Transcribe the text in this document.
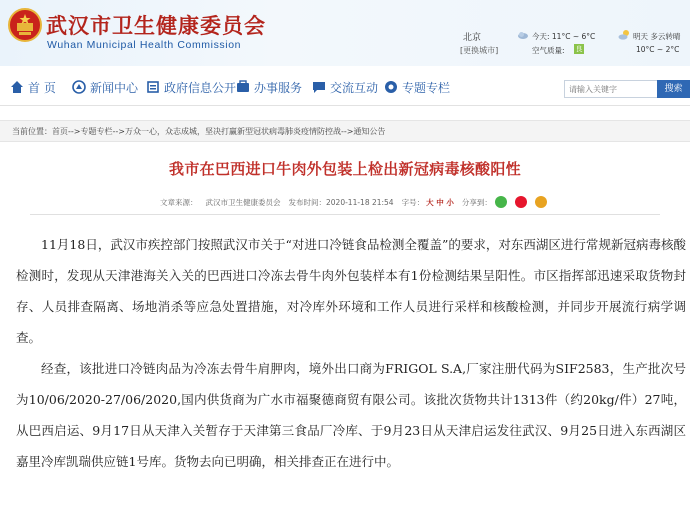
武汉市卫生健康委员会
Wuhan Municipal Health Commission
北京
[更换城市]
今天: 11°C ~ 6°C
空气质量: 良
明天 多云转晴
10°C ~ 2°C
首 页	新闻中心 政府信息公开 办事服务 交流互动 专题专栏
请输入关键字	搜索
当前位置：首页-->专题专栏-->万众一心，众志成城，坚决打赢新型冠状病毒肺炎疫情防控战-->通知公告
我市在巴西进口牛肉外包装上检出新冠病毒核酸阳性
文章来源： 武汉市卫生健康委员会 发布时间：2020-11-18 21:54 字号： 大 中 小 分享到：
11月18日，武汉市疾控部门按照武汉市关于“对进口冷链食品检测全覆盖”的要求，对东西湖区进行常规新冠病毒核酸检测时，发现从天津港海关入关的巴西进口冷冻去骨牛肉外包装样本有1份检测结果呈阳性。市区指挥部迅速采取货物封存、人员排查隔离、场地消杀等应急处置措施，对冷库外环境和工作人员进行采样和核酸检测，并同步开展流行病学调查。
经查，该批进口冷链肉品为冷冻去骨牛肩胛肉，境外出口商为FRIGOL S.A,厂家注册代码为SIF2583，生产批次号为10/06/2020-27/06/2020,国内供货商为广水市福聚德商贸有限公司。该批次货物共计1313件（约20kg/件）27吨，从巴西启运、9月17日从天津入关暂存于天津第三食品厂冷库、于9月23日从天津启运发往武汉、9月25日进入东西湖区嘉里冷库凯瑞供应链1号库。货物去向已明确，相关排查正在进行中。
